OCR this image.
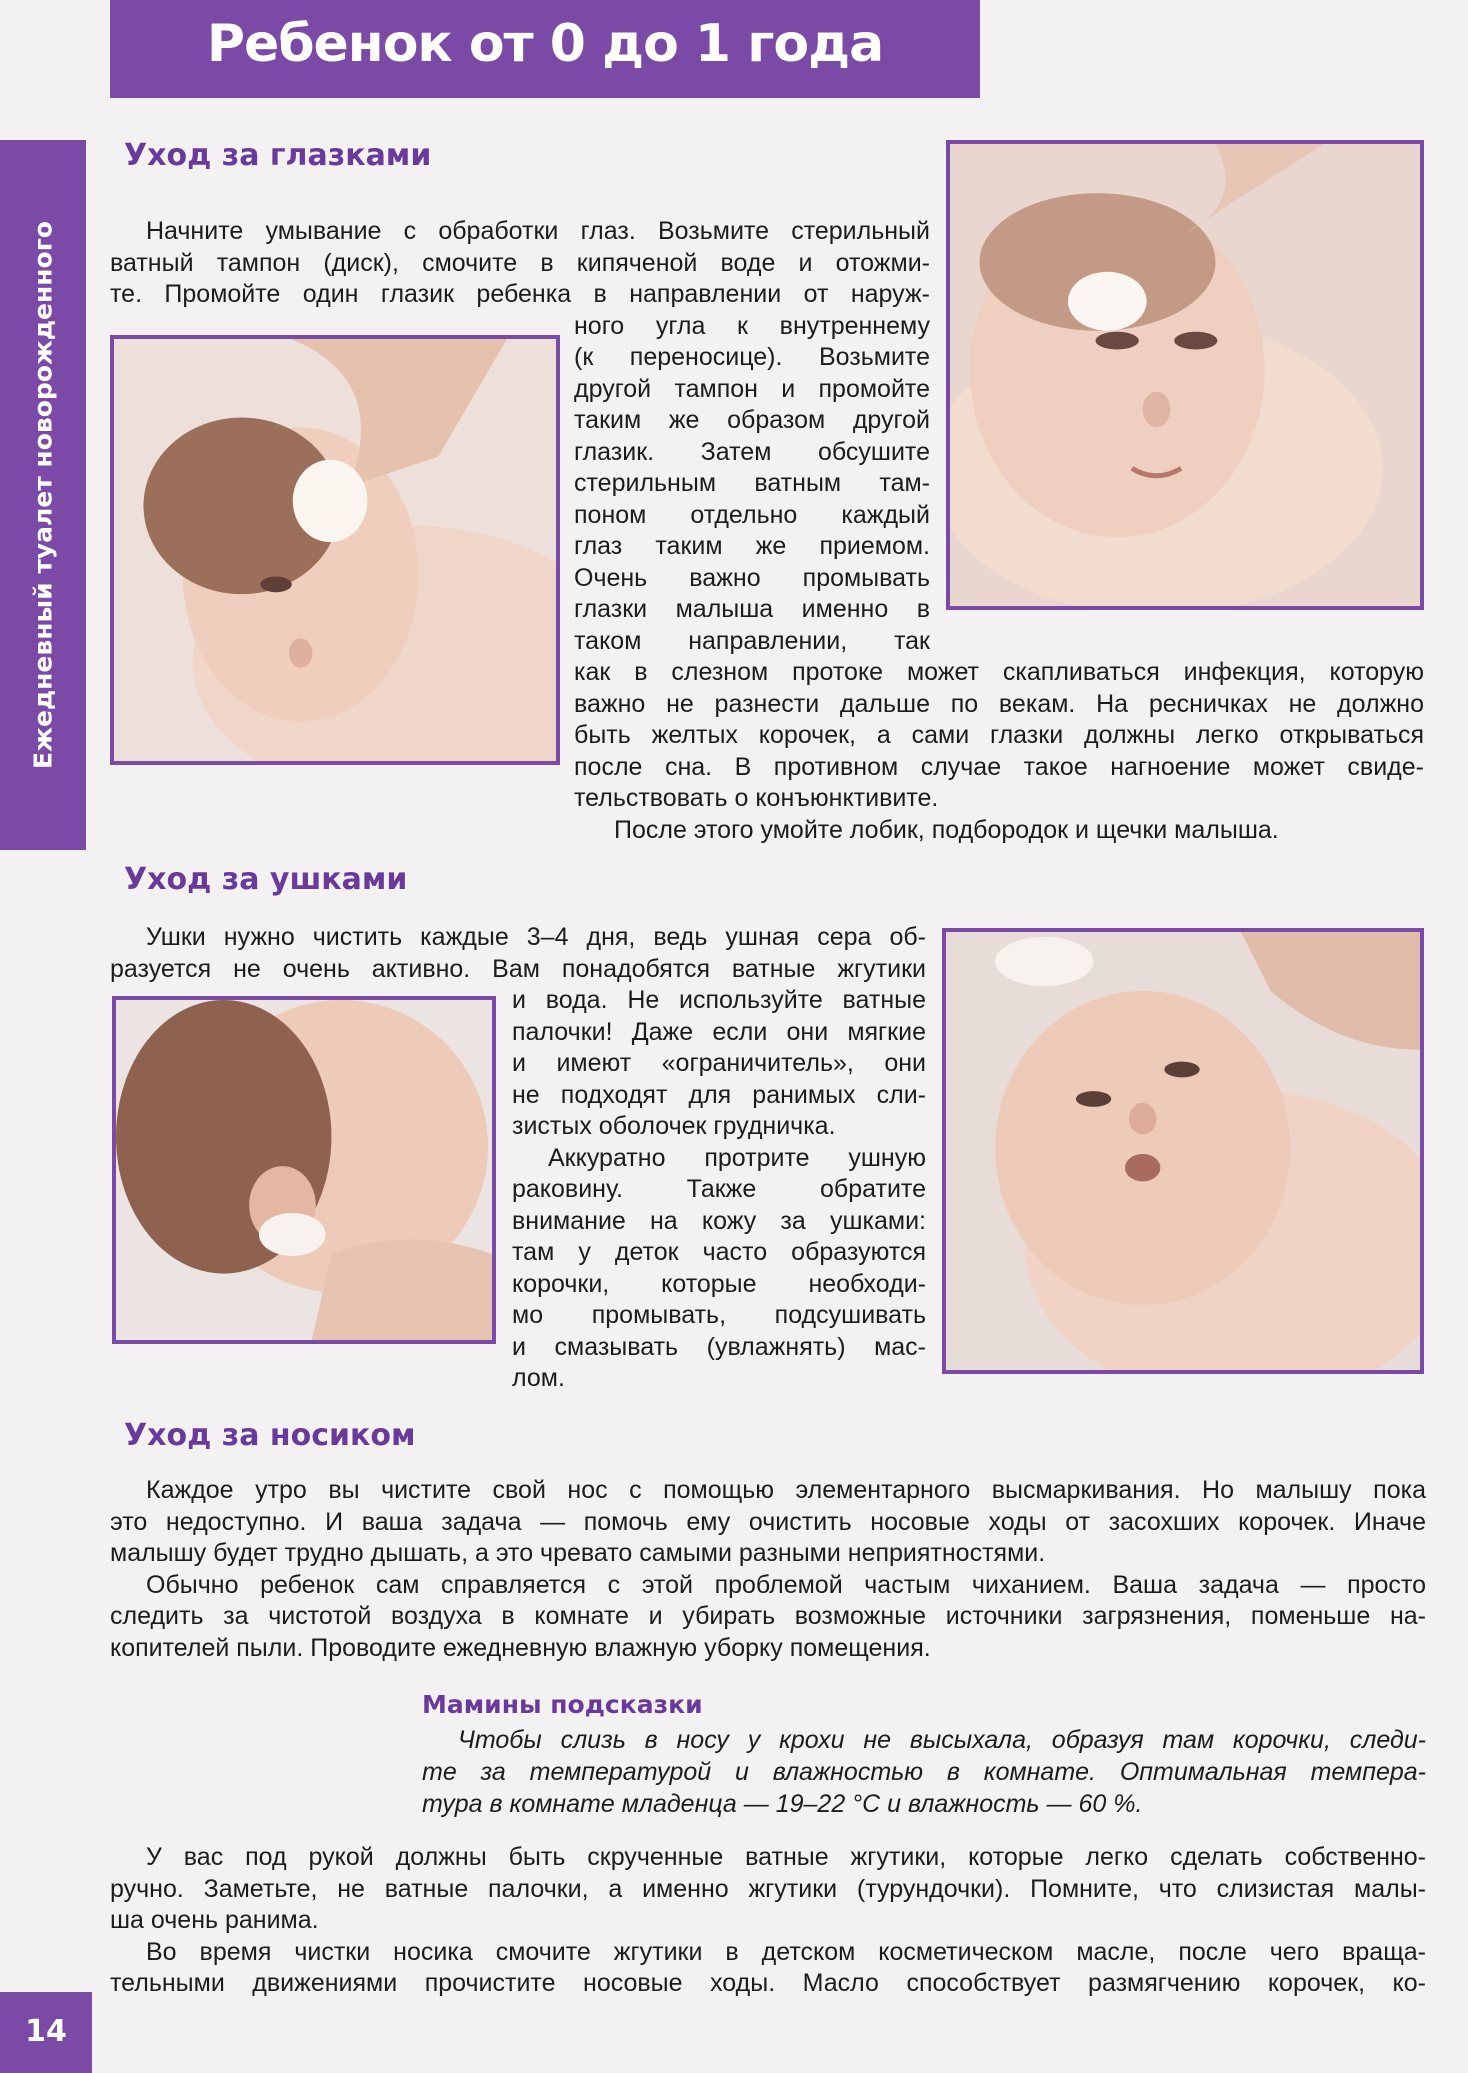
Ребенок от 0 до 1 года
Ежедневный туалет новорожденного
Уход за глазками
Начните умывание с обработки глаз. Возьмите стерильный
ватный тампон (диск), смочите в кипяченой воде и отожми-
те. Промойте один глазик ребенка в направлении от наруж-
ного угла к внутреннему
(к переносице). Возьмите
другой тампон и промойте
таким же образом другой
глазик. Затем обсушите
стерильным ватным там-
поном отдельно каждый
глаз таким же приемом.
Очень важно промывать
глазки малыша именно в
таком направлении, так
как в слезном протоке может скапливаться инфекция, которую
важно не разнести дальше по векам. На ресничках не должно
быть желтых корочек, а сами глазки должны легко открываться
после сна. В противном случае такое нагноение может свиде-
тельствовать о конъюнктивите.
После этого умойте лобик, подбородок и щечки малыша.
Уход за ушками
Ушки нужно чистить каждые 3–4 дня, ведь ушная сера об-
разуется не очень активно. Вам понадобятся ватные жгутики
и вода. Не используйте ватные
палочки! Даже если они мягкие
и имеют «ограничитель», они
не подходят для ранимых сли-
зистых оболочек грудничка.
Аккуратно протрите ушную
раковину. Также обратите
внимание на кожу за ушками:
там у деток часто образуются
корочки, которые необходи-
мо промывать, подсушивать
и смазывать (увлажнять) мас-
лом.
Уход за носиком
Каждое утро вы чистите свой нос с помощью элементарного высмаркивания. Но малышу пока
это недоступно. И ваша задача — помочь ему очистить носовые ходы от засохших корочек. Иначе
малышу будет трудно дышать, а это чревато самыми разными неприятностями.
Обычно ребенок сам справляется с этой проблемой частым чиханием. Ваша задача — просто
следить за чистотой воздуха в комнате и убирать возможные источники загрязнения, поменьше на-
копителей пыли. Проводите ежедневную влажную уборку помещения.
Мамины подсказки
Чтобы слизь в носу у крохи не высыхала, образуя там корочки, следи-
те за температурой и влажностью в комнате. Оптимальная темпера-
тура в комнате младенца — 19–22 °С и влажность — 60 %.
У вас под рукой должны быть скрученные ватные жгутики, которые легко сделать собственно-
ручно. Заметьте, не ватные палочки, а именно жгутики (турундочки). Помните, что слизистая малы-
ша очень ранима.
Во время чистки носика смочите жгутики в детском косметическом масле, после чего враща-
тельными движениями прочистите носовые ходы. Масло способствует размягчению корочек, ко-
14
